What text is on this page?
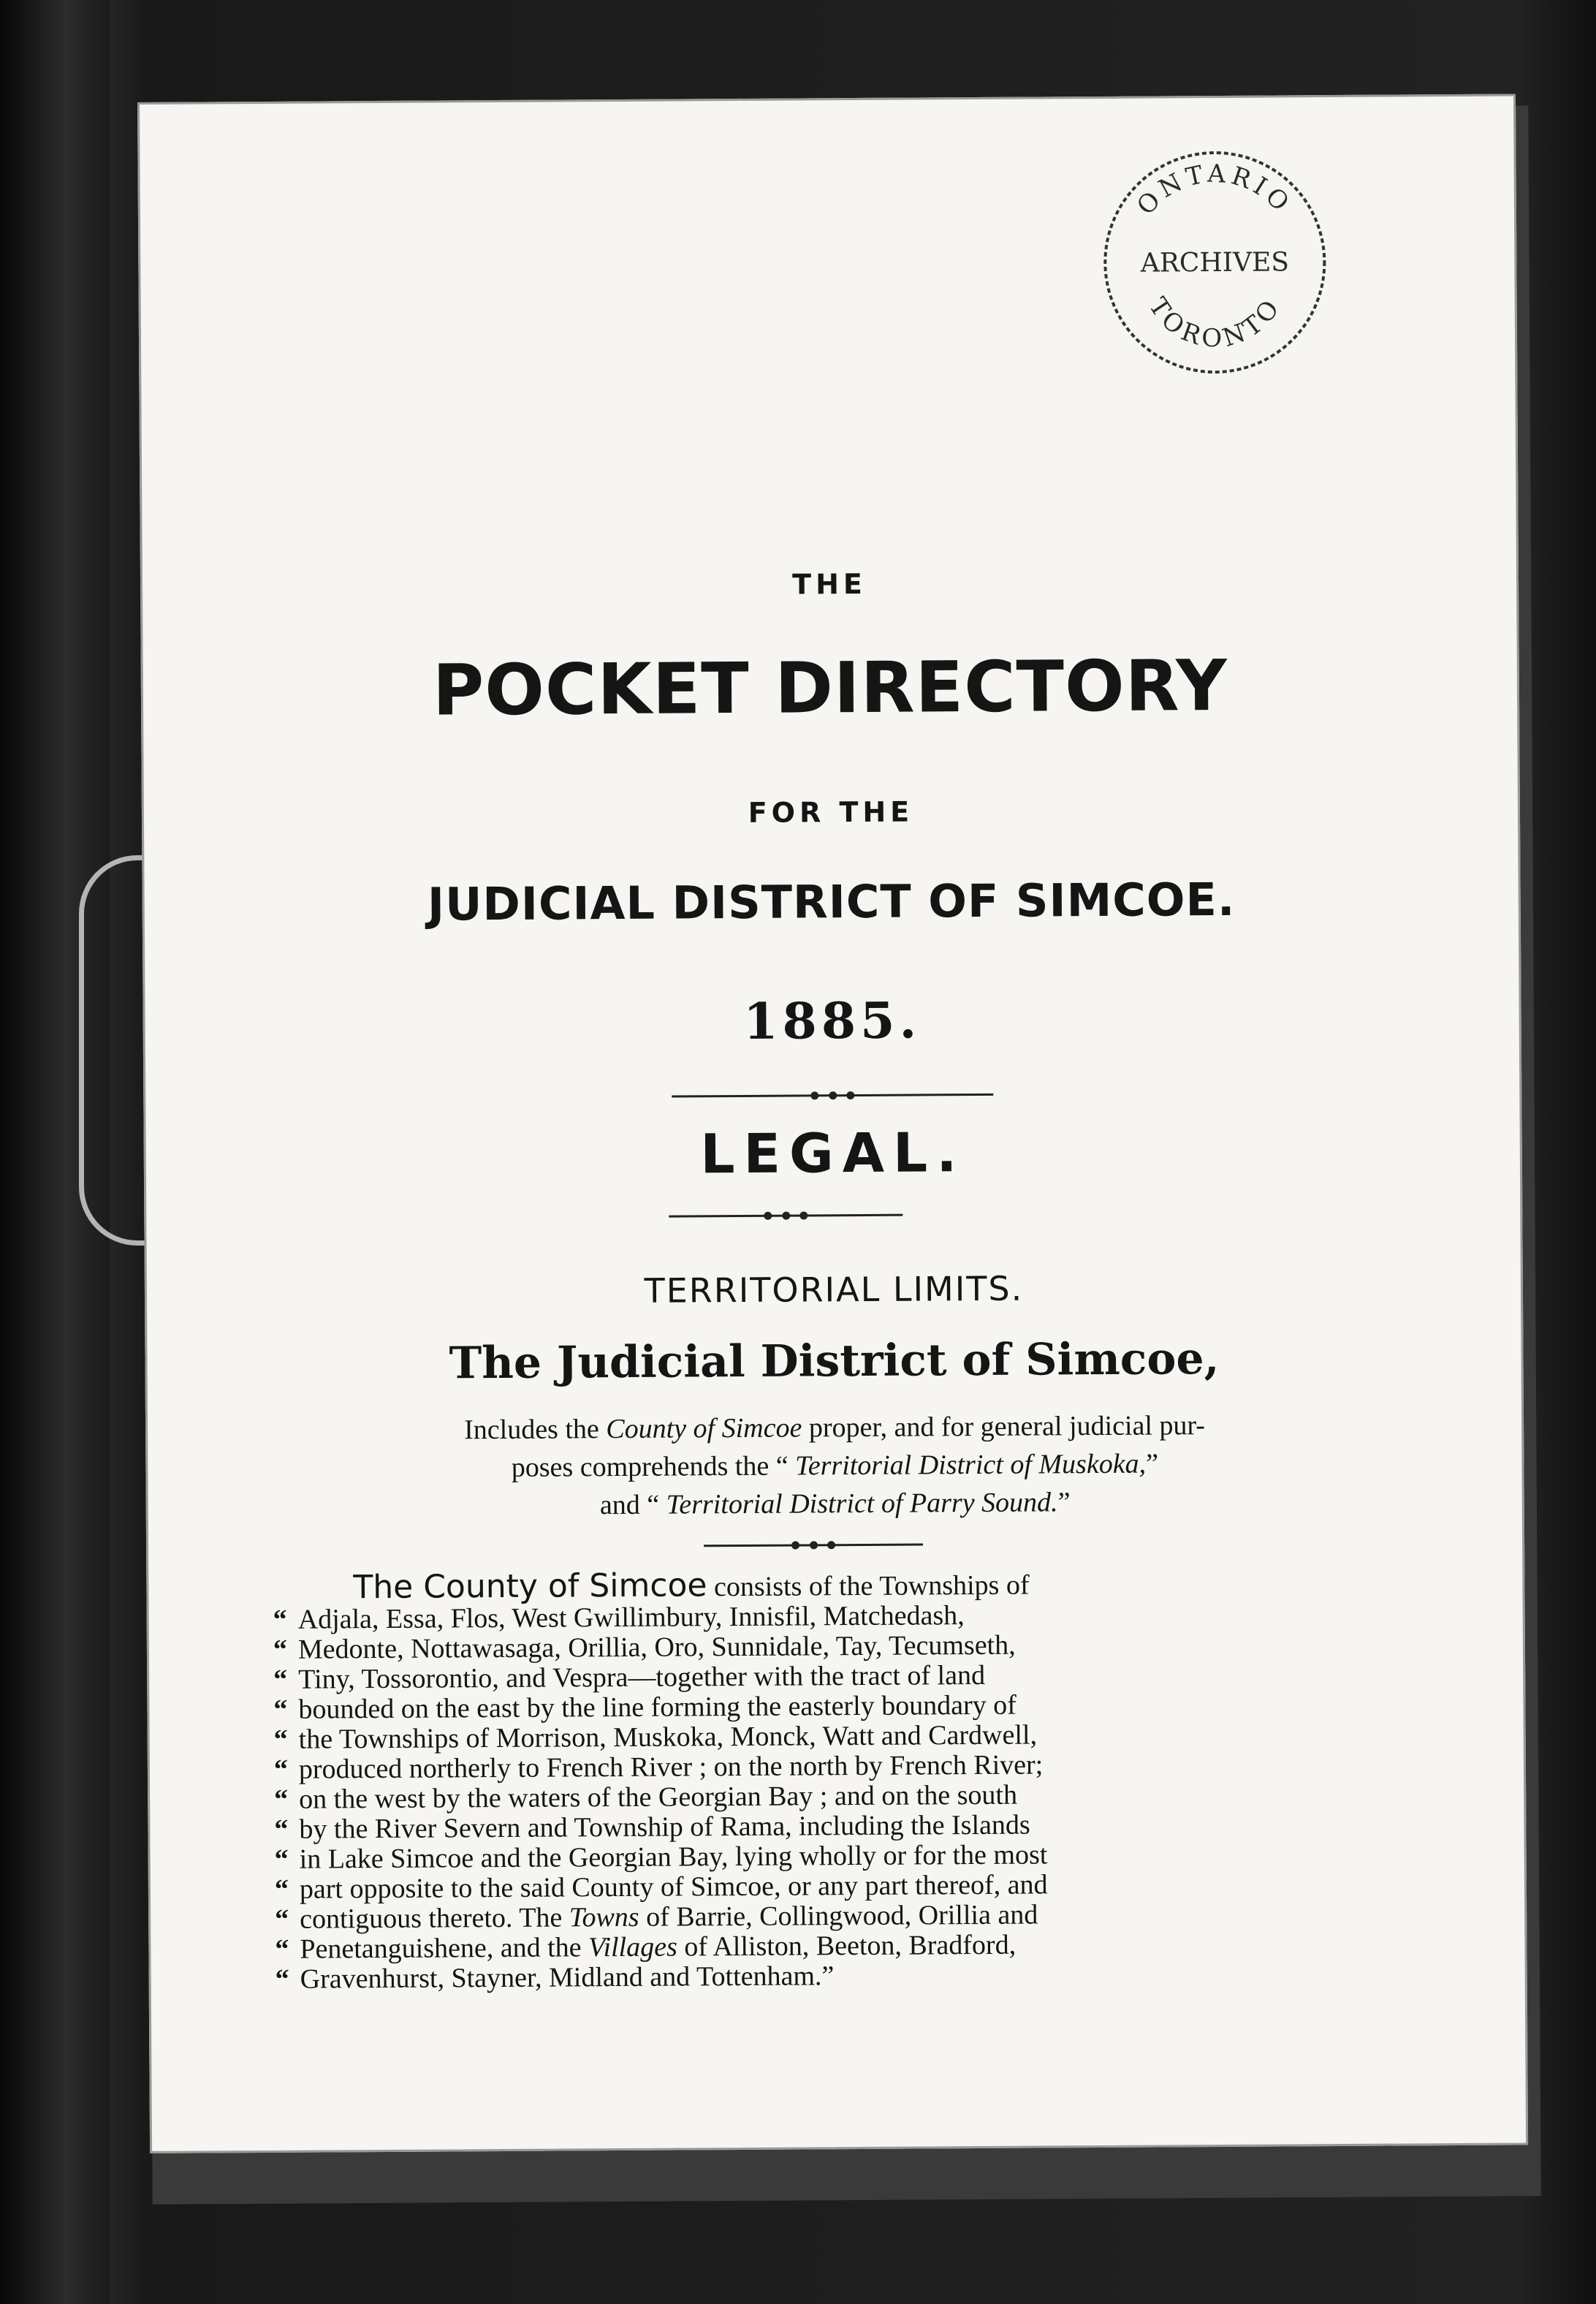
ONTARIO
ARCHIVES
TORONTO
THE
POCKET DIRECTORY
FOR THE
JUDICIAL DISTRICT OF SIMCOE.
1885.
LEGAL.
TERRITORIAL LIMITS.
The Judicial District of Simcoe,
Includes the County of Simcoe proper, and for general judicial pur-
poses comprehends the “ Territorial District of Muskoka,”
and “ Territorial District of Parry Sound.”
The County of Simcoe consists of the Townships of
“ Adjala, Essa, Flos, West Gwillimbury, Innisfil, Matchedash,
“ Medonte, Nottawasaga, Orillia, Oro, Sunnidale, Tay, Tecumseth,
“ Tiny, Tossorontio, and Vespra—together with the tract of land
“ bounded on the east by the line forming the easterly boundary of
“ the Townships of Morrison, Muskoka, Monck, Watt and Cardwell,
“ produced northerly to French River ; on the north by French River;
“ on the west by the waters of the Georgian Bay ; and on the south
“ by the River Severn and Township of Rama, including the Islands
“ in Lake Simcoe and the Georgian Bay, lying wholly or for the most
“ part opposite to the said County of Simcoe, or any part thereof, and
“ contiguous thereto. The Towns of Barrie, Collingwood, Orillia and
“ Penetanguishene, and the Villages of Alliston, Beeton, Bradford,
“ Gravenhurst, Stayner, Midland and Tottenham.”
